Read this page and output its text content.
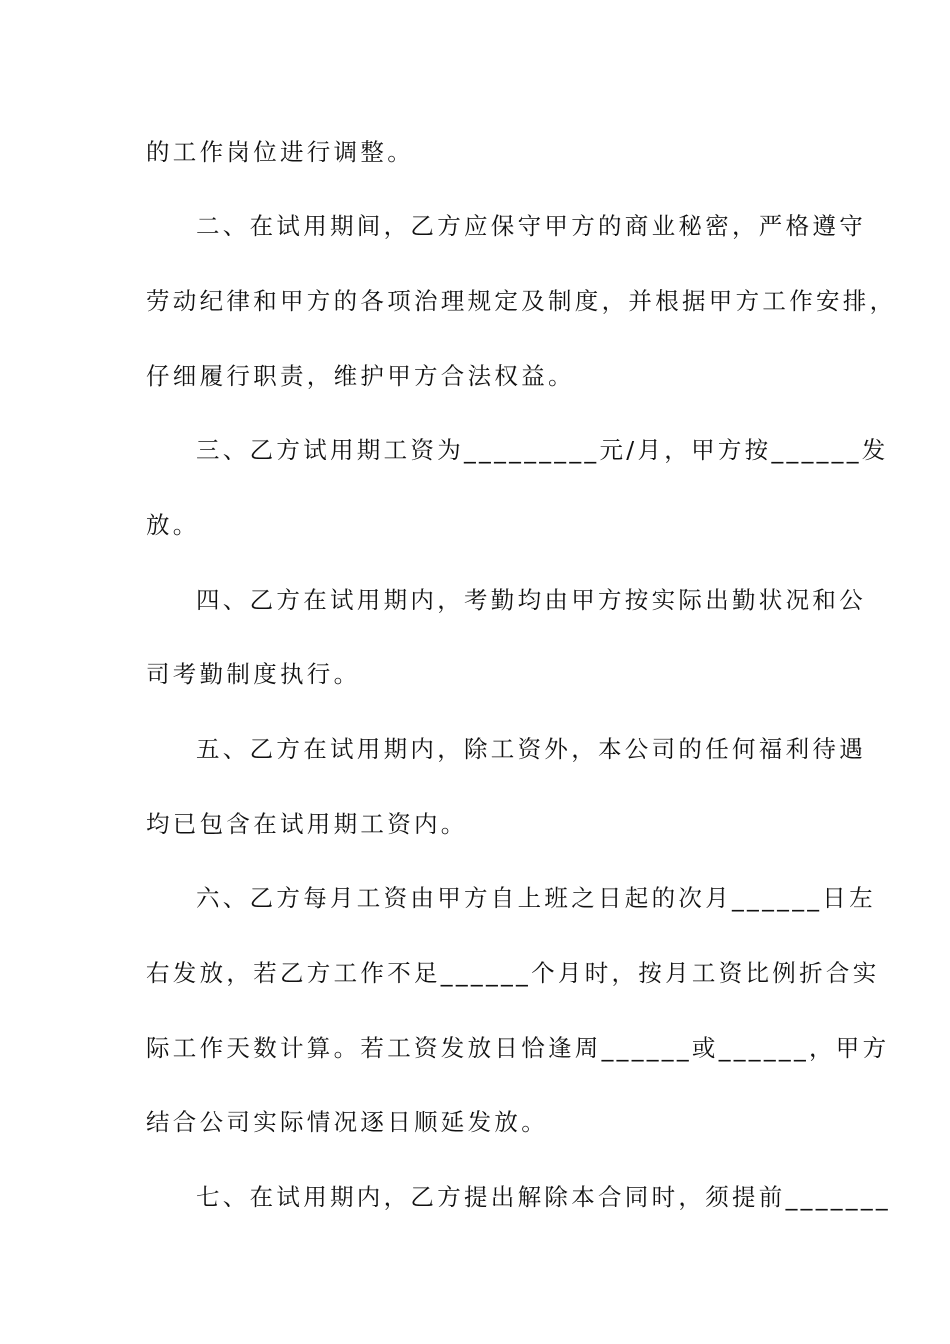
的工作岗位进行调整。
二、在试用期间，乙方应保守甲方的商业秘密，严格遵守
劳动纪律和甲方的各项治理规定及制度，并根据甲方工作安排，
仔细履行职责，维护甲方合法权益。
三、乙方试用期工资为_________元/月，甲方按______发
放。
四、乙方在试用期内，考勤均由甲方按实际出勤状况和公
司考勤制度执行。
五、乙方在试用期内，除工资外，本公司的任何福利待遇
均已包含在试用期工资内。
六、乙方每月工资由甲方自上班之日起的次月______日左
右发放，若乙方工作不足______个月时，按月工资比例折合实
际工作天数计算。若工资发放日恰逢周______或______，甲方
结合公司实际情况逐日顺延发放。
七、在试用期内，乙方提出解除本合同时，须提前_______
